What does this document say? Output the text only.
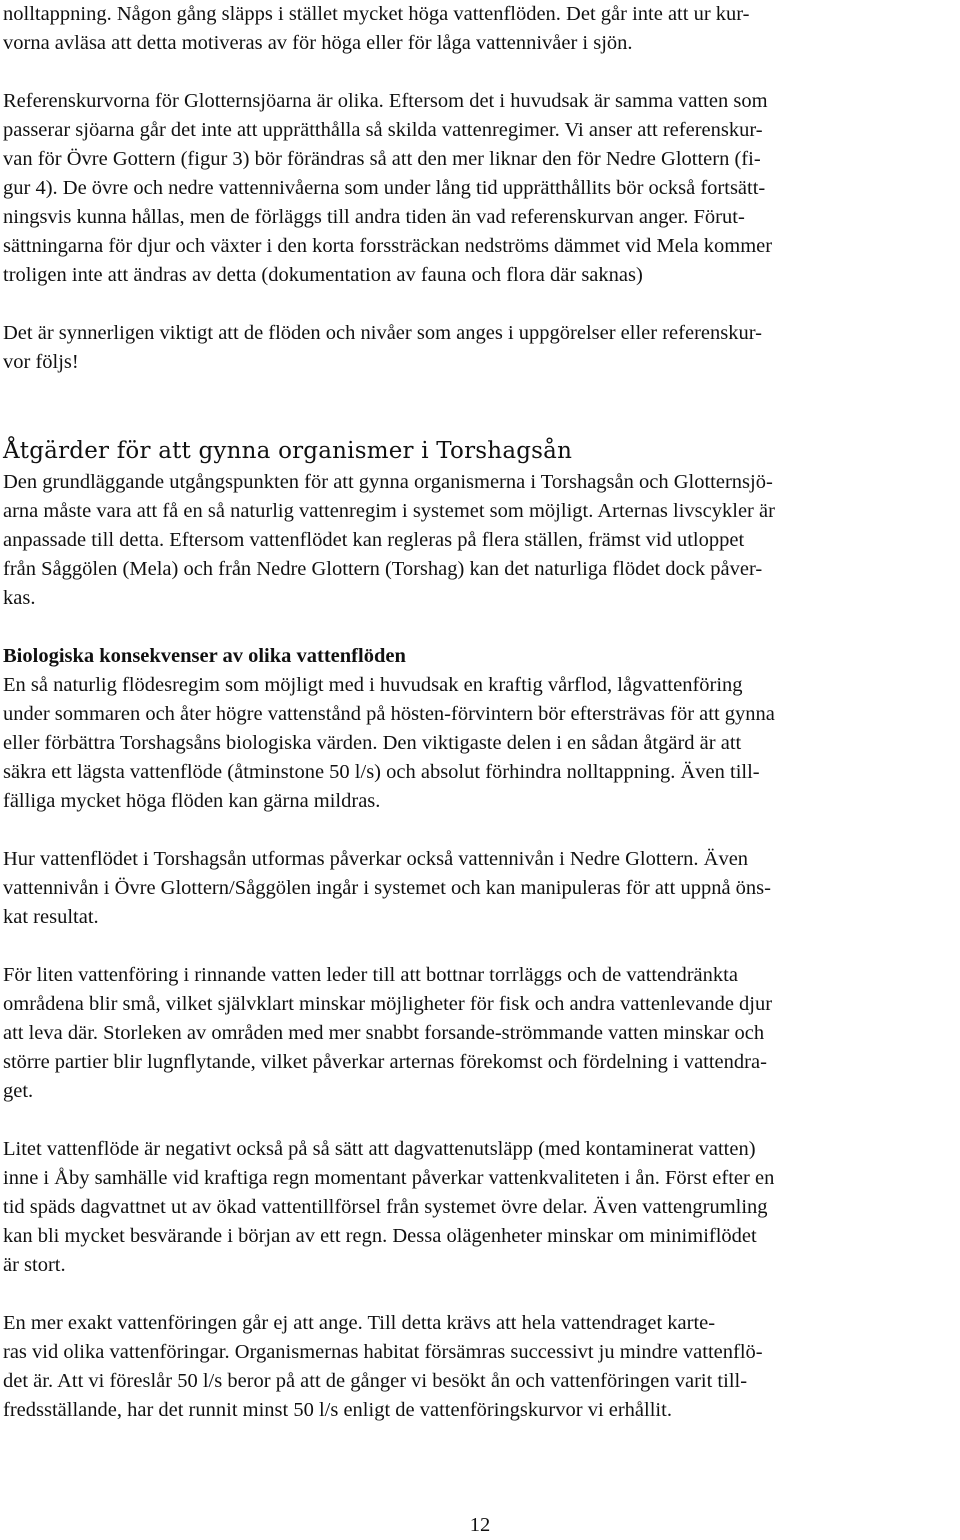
nolltappning. Någon gång släpps i stället mycket höga vattenflöden. Det går inte att ur kur-
vorna avläsa att detta motiveras av för höga eller för låga vattennivåer i sjön.
Referenskurvorna för Glotternsjöarna är olika. Eftersom det i huvudsak är samma vatten som
passerar sjöarna går det inte att upprätthålla så skilda vattenregimer. Vi anser att referenskur-
van för Övre Gottern (figur 3) bör förändras så att den mer liknar den för Nedre Glottern (fi-
gur 4). De övre och nedre vattennivåerna som under lång tid upprätthållits bör också fortsätt-
ningsvis kunna hållas, men de förläggs till andra tiden än vad referenskurvan anger. Förut-
sättningarna för djur och växter i den korta forssträckan nedströms dämmet vid Mela kommer
troligen inte att ändras av detta (dokumentation av fauna och flora där saknas)
Det är synnerligen viktigt att de flöden och nivåer som anges i uppgörelser eller referenskur-
vor följs!
Åtgärder för att gynna organismer i Torshagsån
Den grundläggande utgångspunkten för att gynna organismerna i Torshagsån och Glotternsjö-
arna måste vara att få en så naturlig vattenregim i systemet som möjligt. Arternas livscykler är
anpassade till detta. Eftersom vattenflödet kan regleras på flera ställen, främst vid utloppet
från Såggölen (Mela) och från Nedre Glottern (Torshag) kan det naturliga flödet dock påver-
kas.
Biologiska konsekvenser av olika vattenflöden
En så naturlig flödesregim som möjligt med i huvudsak en kraftig vårflod, lågvattenföring
under sommaren och åter högre vattenstånd på hösten-förvintern bör eftersträvas för att gynna
eller förbättra Torshagsåns biologiska värden. Den viktigaste delen i en sådan åtgärd är att
säkra ett lägsta vattenflöde (åtminstone 50 l/s) och absolut förhindra nolltappning. Även till-
fälliga mycket höga flöden kan gärna mildras.
Hur vattenflödet i Torshagsån utformas påverkar också vattennivån i Nedre Glottern. Även
vattennivån i Övre Glottern/Såggölen ingår i systemet och kan manipuleras för att uppnå öns-
kat resultat.
För liten vattenföring i rinnande vatten leder till att bottnar torrläggs och de vattendränkta
områdena blir små, vilket självklart minskar möjligheter för fisk och andra vattenlevande djur
att leva där. Storleken av områden med mer snabbt forsande-strömmande vatten minskar och
större partier blir lugnflytande, vilket påverkar arternas förekomst och fördelning i vattendra-
get.
Litet vattenflöde är negativt också på så sätt att dagvattenutsläpp (med kontaminerat vatten)
inne i Åby samhälle vid kraftiga regn momentant påverkar vattenkvaliteten i ån. Först efter en
tid späds dagvattnet ut av ökad vattentillförsel från systemet övre delar. Även vattengrumling
kan bli mycket besvärande i början av ett regn. Dessa olägenheter minskar om minimiflödet
är stort.
En mer exakt vattenföringen går ej att ange. Till detta krävs att hela vattendraget karte-
ras vid olika vattenföringar. Organismernas habitat försämras successivt ju mindre vattenflö-
det är. Att vi föreslår 50 l/s beror på att de gånger vi besökt ån och vattenföringen varit till-
fredsställande, har det runnit minst 50 l/s enligt de vattenföringskurvor vi erhållit.
12
